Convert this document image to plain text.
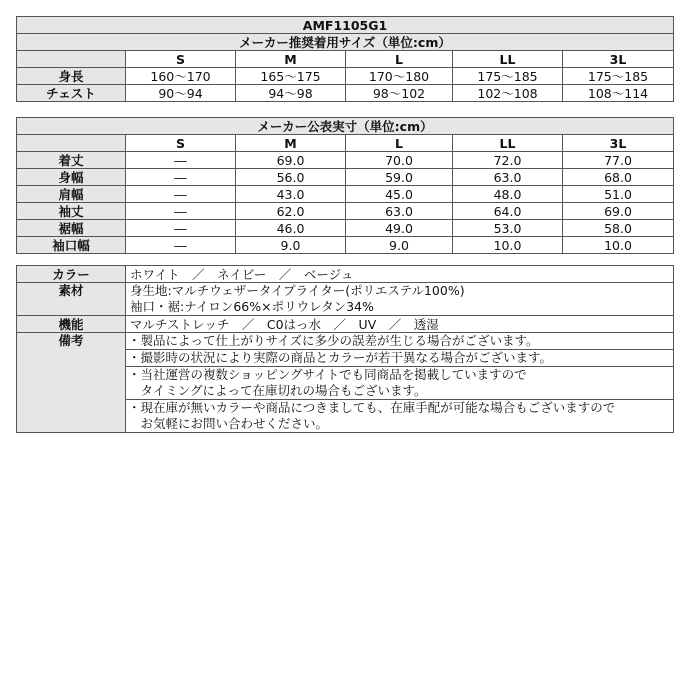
AMF1105G1					
メーカー推奨着用サイズ（単位:cm）					
	S	M	L	LL	3L
身長	160〜170	165〜175	170〜180	175〜185	175〜185
チェスト	90〜94	94〜98	98〜102	102〜108	108〜114
メーカー公表実寸（単位:cm）					
	S	M	L	LL	3L
着丈	―	69.0	70.0	72.0	77.0
身幅	―	56.0	59.0	63.0	68.0
肩幅	―	43.0	45.0	48.0	51.0
袖丈	―	62.0	63.0	64.0	69.0
裾幅	―	46.0	49.0	53.0	58.0
袖口幅	―	9.0	9.0	10.0	10.0
カラー	ホワイト　／　ネイビー　／　ベージュ
素材	身生地:マルチウェザータイプライター(ポリエステル100%)
袖口・裾:ナイロン66%×ポリウレタン34%

機能	マルチストレッチ　／　C0はっ水　／　UV　／　透湿
備考	・製品によって仕上がりサイズに多少の誤差が生じる場合がございます。

	・撮影時の状況により実際の商品とカラーが若干異なる場合がございます。

	・当社運営の複数ショッピングサイトでも同商品を掲載していますので
　タイミングによって在庫切れの場合もございます。

	・現在庫が無いカラーや商品につきましても、在庫手配が可能な場合もございますので
　お気軽にお問い合わせください。
